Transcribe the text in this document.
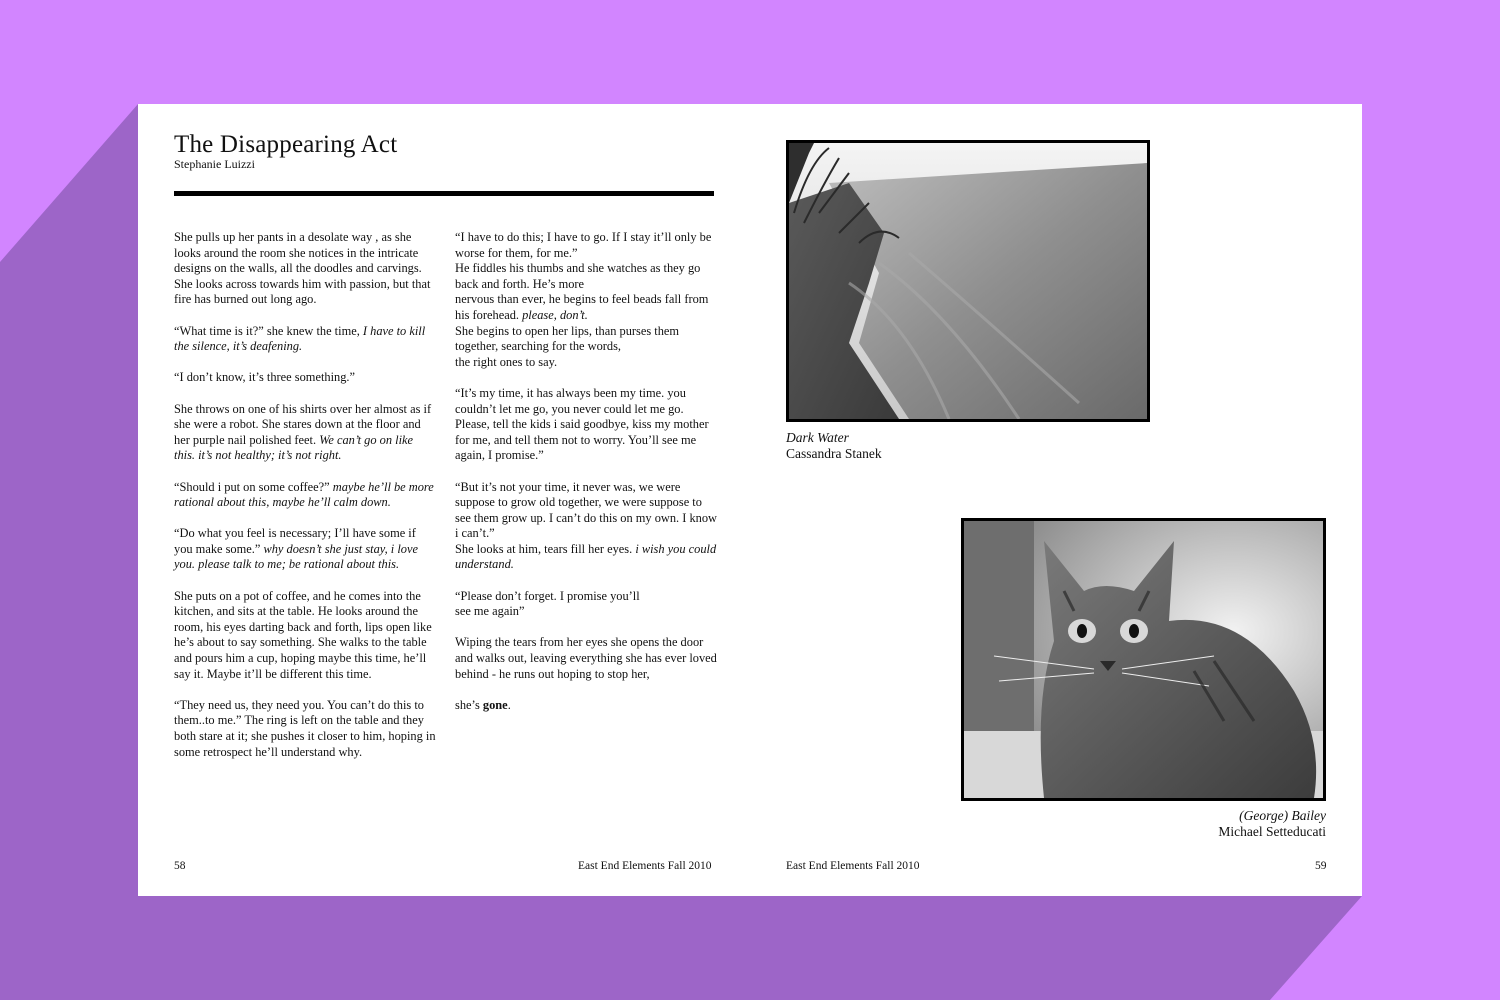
The Disappearing Act
Stephanie Luizzi

She pulls up her pants in a desolate way , as she looks around the room she notices in the intricate designs on the walls, all the doodles and carvings. She looks across towards him with passion, but that fire has burned out long ago.

“What time is it?” she knew the time, I have to kill the silence, it’s deafening.

“I don’t know, it’s three something.”

She throws on one of his shirts over her almost as if she were a robot. She stares down at the floor and her purple nail polished feet. We can’t go on like this. it’s not healthy; it’s not right.

“Should i put on some coffee?” maybe he’ll be more rational about this, maybe he’ll calm down.

“Do what you feel is necessary; I’ll have some if you make some.” why doesn’t she just stay, i love you. please talk to me; be rational about this.

She puts on a pot of coffee, and he comes into the kitchen, and sits at the table. He looks around the room, his eyes darting back and forth, lips open like he’s about to say something. She walks to the table and pours him a cup, hoping maybe this time, he’ll say it. Maybe it’ll be different this time.

“They need us, they need you. You can’t do this to them..to me.” The ring is left on the table and they both stare at it; she pushes it closer to him, hoping in some retrospect he’ll understand why.

“I have to do this; I have to go. If I stay it’ll only be worse for them, for me.”
He fiddles his thumbs and she watches as they go back and forth. He’s more
nervous than ever, he begins to feel beads fall from his forehead. please, don’t.
She begins to open her lips, than purses them together, searching for the words,
the right ones to say.

“It’s my time, it has always been my time. you couldn’t let me go, you never could let me go. Please, tell the kids i said goodbye, kiss my mother for me, and tell them not to worry. You’ll see me again, I promise.”

“But it’s not your time, it never was, we were suppose to grow old together, we were suppose to see them grow up. I can’t do this on my own. I know i can’t.”
She looks at him, tears fill her eyes. i wish you could understand.

“Please don’t forget. I promise you’ll
see me again”

Wiping the tears from her eyes she opens the door and walks out, leaving everything she has ever loved behind - he runs out hoping to stop her,

she’s gone.

Dark Water
Cassandra Stanek
(George) Bailey
Michael Setteducati
58	East End Elements Fall 2010	East End Elements Fall 2010	59
